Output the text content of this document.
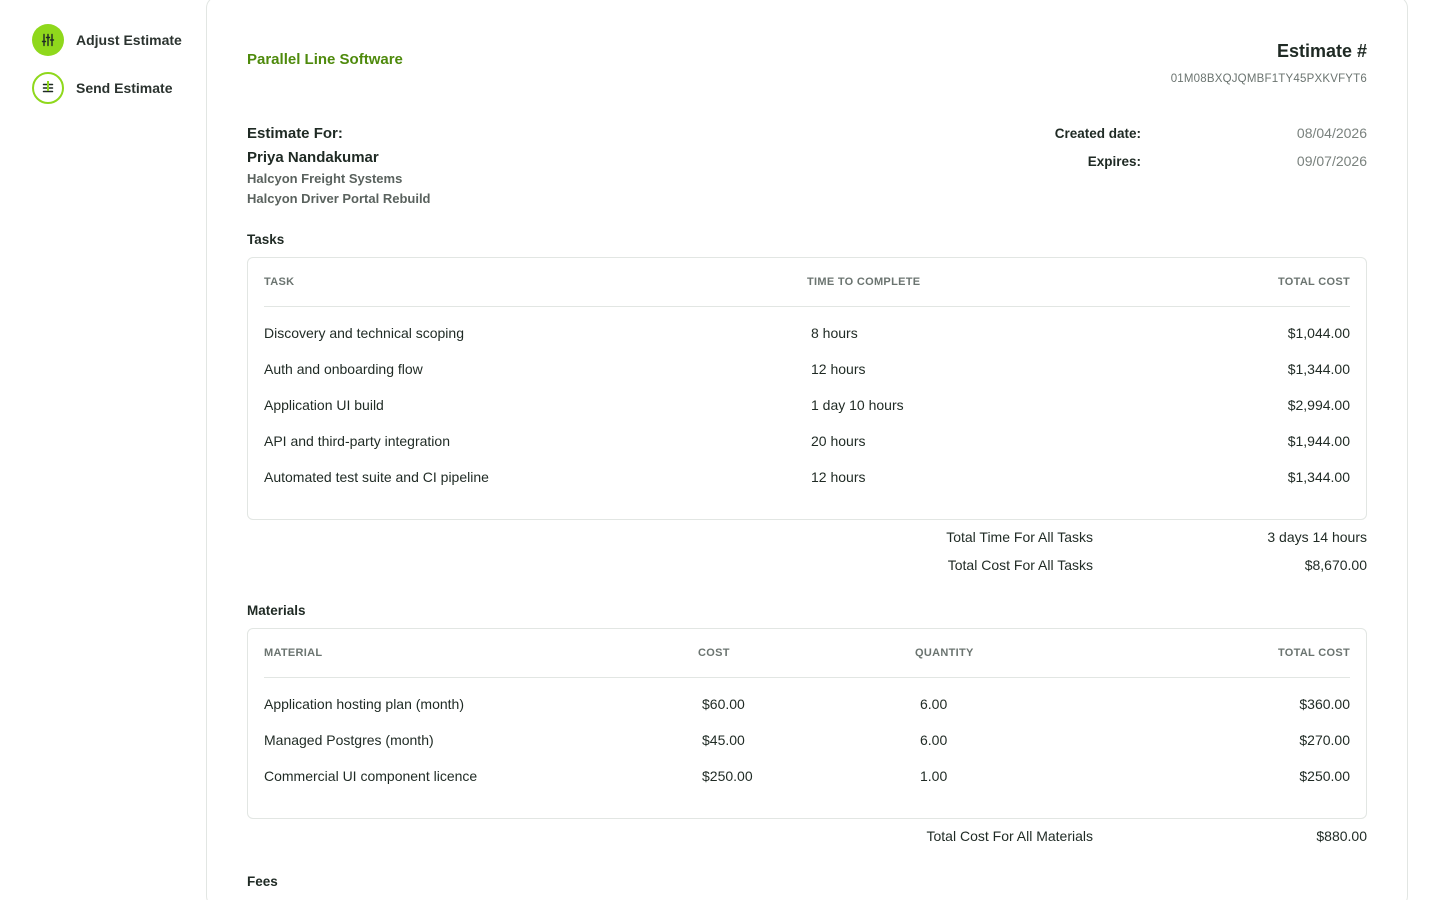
Adjust Estimate
Send Estimate
Parallel Line Software	Estimate #
01M08BXQJQMBF1TY45PXKVFYT6
Estimate For:
Priya Nandakumar
Halcyon Freight Systems
Halcyon Driver Portal Rebuild
Created date:	08/04/2026
Expires:	09/07/2026
Tasks
TASK	TIME TO COMPLETE	TOTAL COST
Discovery and technical scoping	8 hours	$1,044.00
Auth and onboarding flow	12 hours	$1,344.00
Application UI build	1 day 10 hours	$2,994.00
API and third-party integration	20 hours	$1,944.00
Automated test suite and CI pipeline	12 hours	$1,344.00
Total Time For All Tasks	3 days 14 hours
Total Cost For All Tasks	$8,670.00
Materials
MATERIAL	COST	QUANTITY	TOTAL COST
Application hosting plan (month)	$60.00	6.00	$360.00
Managed Postgres (month)	$45.00	6.00	$270.00
Commercial UI component licence	$250.00	1.00	$250.00
Total Cost For All Materials	$880.00
Fees
